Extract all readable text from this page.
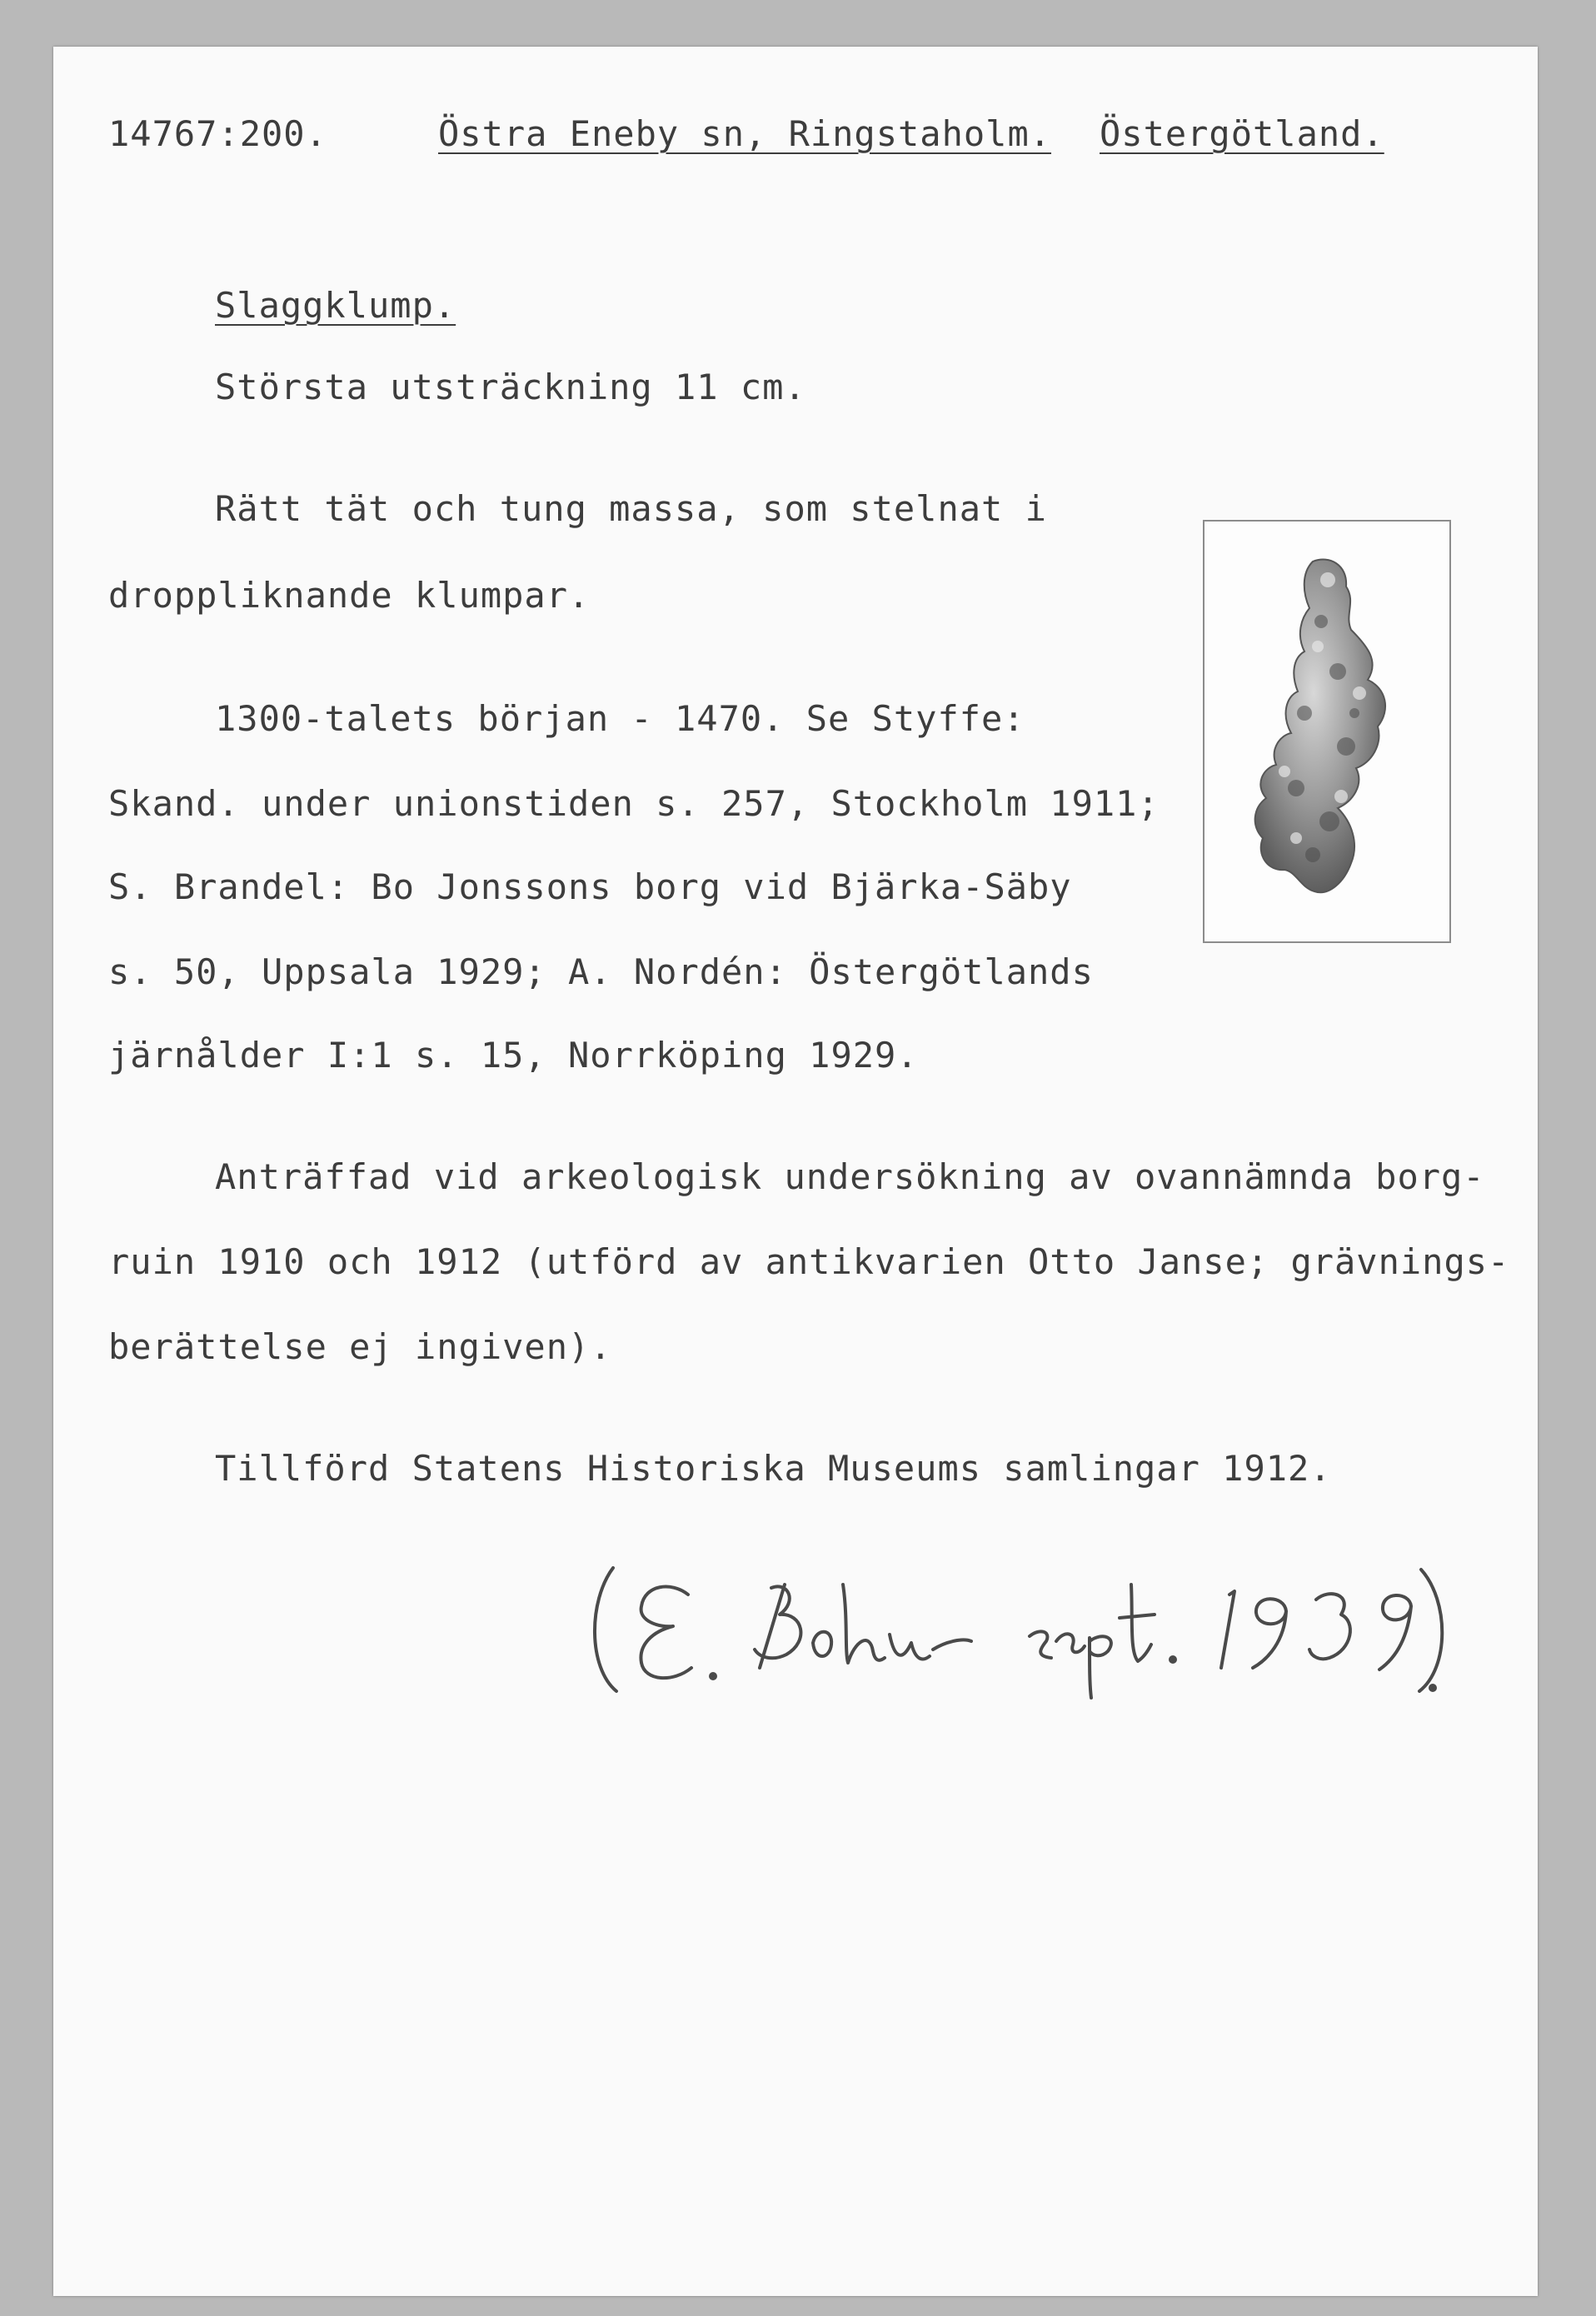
14767:200.	Östra Eneby sn, Ringstaholm. Östergötland.
Slaggklump.
Största utsträckning 11 cm.
Rätt tät och tung massa, som stelnat i
droppliknande klumpar.
1300-talets början - 1470. Se Styffe:
Skand. under unionstiden s. 257, Stockholm 1911;
S. Brandel: Bo Jonssons borg vid Bjärka-Säby
s. 50, Uppsala 1929; A. Nordén: Östergötlands
järnålder I:1 s. 15, Norrköping 1929.
Anträffad vid arkeologisk undersökning av ovannämnda borg-
ruin 1910 och 1912 (utförd av antikvarien Otto Janse; grävnings-
berättelse ej ingiven).
Tillförd Statens Historiska Museums samlingar 1912.
